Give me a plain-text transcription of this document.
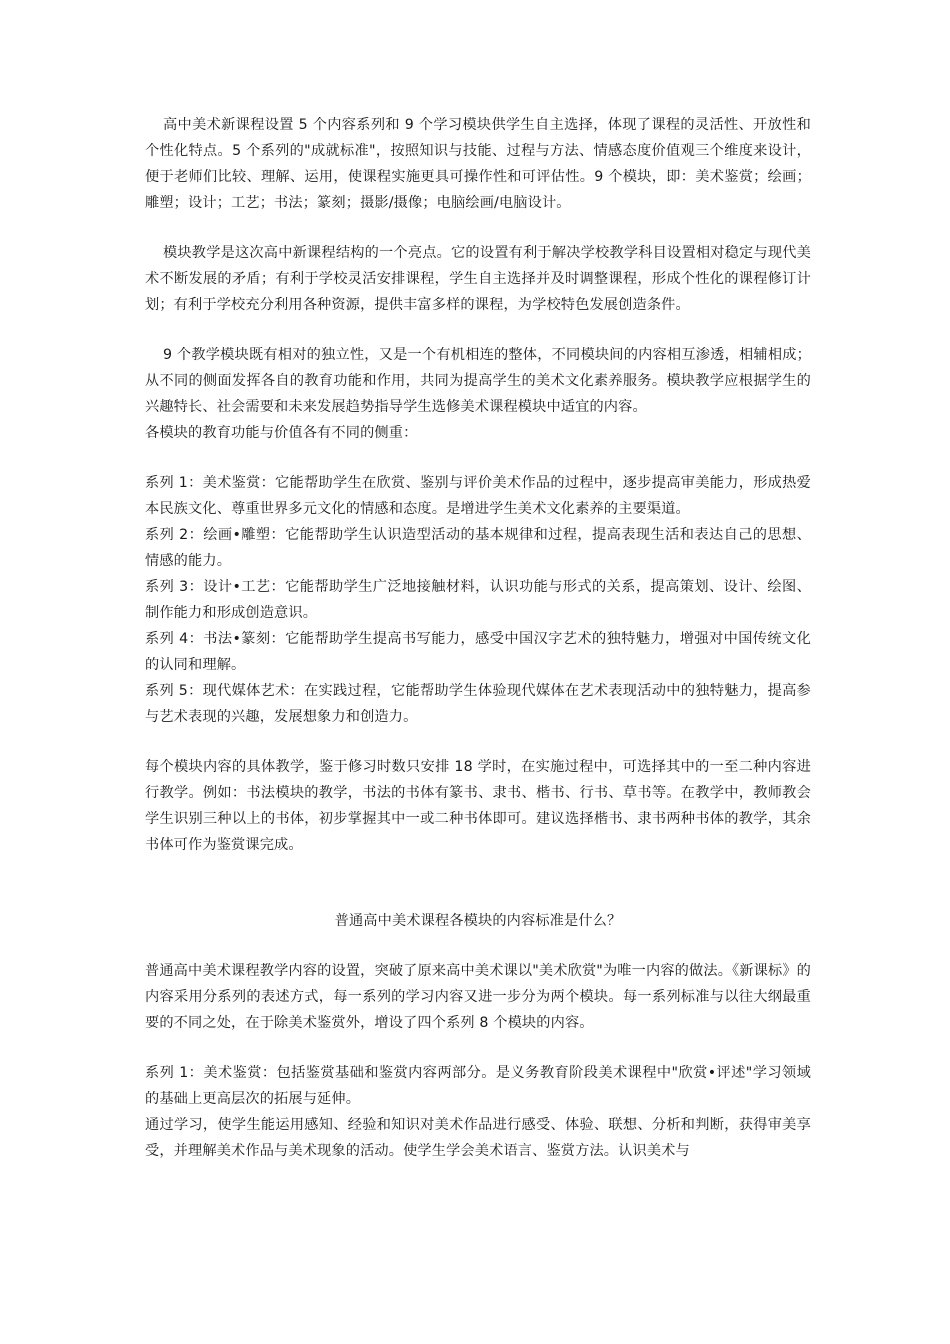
高中美术新课程设置 5 个内容系列和 9 个学习模块供学生自主选择，体现了课程的灵活性、开放性和个性化特点。5 个系列的"成就标准"，按照知识与技能、过程与方法、情感态度价值观三个维度来设计，便于老师们比较、理解、运用，使课程实施更具可操作性和可评估性。9 个模块，即：美术鉴赏；绘画；雕塑；设计；工艺；书法；篆刻；摄影/摄像；电脑绘画/电脑设计。

模块教学是这次高中新课程结构的一个亮点。它的设置有利于解决学校教学科目设置相对稳定与现代美术不断发展的矛盾；有利于学校灵活安排课程，学生自主选择并及时调整课程，形成个性化的课程修订计划；有利于学校充分利用各种资源，提供丰富多样的课程，为学校特色发展创造条件。

9 个教学模块既有相对的独立性，又是一个有机相连的整体，不同模块间的内容相互渗透，相辅相成；从不同的侧面发挥各自的教育功能和作用，共同为提高学生的美术文化素养服务。模块教学应根据学生的兴趣特长、社会需要和未来发展趋势指导学生选修美术课程模块中适宜的内容。

各模块的教育功能与价值各有不同的侧重：

系列 1：美术鉴赏：它能帮助学生在欣赏、鉴别与评价美术作品的过程中，逐步提高审美能力，形成热爱本民族文化、尊重世界多元文化的情感和态度。是增进学生美术文化素养的主要渠道。

系列 2：绘画•雕塑：它能帮助学生认识造型活动的基本规律和过程，提高表现生活和表达自己的思想、情感的能力。

系列 3：设计•工艺：它能帮助学生广泛地接触材料，认识功能与形式的关系，提高策划、设计、绘图、制作能力和形成创造意识。

系列 4：书法•篆刻：它能帮助学生提高书写能力，感受中国汉字艺术的独特魅力，增强对中国传统文化的认同和理解。

系列 5：现代媒体艺术：在实践过程，它能帮助学生体验现代媒体在艺术表现活动中的独特魅力，提高参与艺术表现的兴趣，发展想象力和创造力。

每个模块内容的具体教学，鉴于修习时数只安排 18 学时，在实施过程中，可选择其中的一至二种内容进行教学。例如：书法模块的教学，书法的书体有篆书、隶书、楷书、行书、草书等。在教学中，教师教会学生识别三种以上的书体，初步掌握其中一或二种书体即可。建议选择楷书、隶书两种书体的教学，其余书体可作为鉴赏课完成。

普通高中美术课程各模块的内容标准是什么？

普通高中美术课程教学内容的设置，突破了原来高中美术课以"美术欣赏"为唯一内容的做法。《新课标》的内容采用分系列的表述方式，每一系列的学习内容又进一步分为两个模块。每一系列标准与以往大纲最重要的不同之处，在于除美术鉴赏外，增设了四个系列 8 个模块的内容。

系列 1：美术鉴赏：包括鉴赏基础和鉴赏内容两部分。是义务教育阶段美术课程中"欣赏•评述"学习领域的基础上更高层次的拓展与延伸。

通过学习，使学生能运用感知、经验和知识对美术作品进行感受、体验、联想、分析和判断，获得审美享受，并理解美术作品与美术现象的活动。使学生学会美术语言、鉴赏方法。认识美术与
